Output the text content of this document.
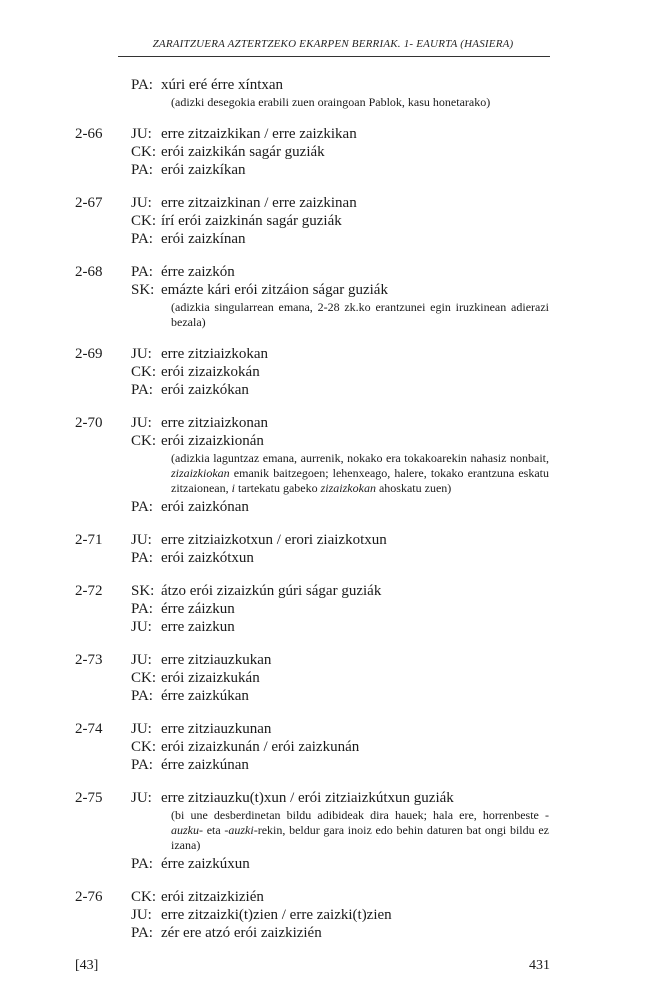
ZARAITZUERA AZTERTZEKO EKARPEN BERRIAK. 1- EAURTA (HASIERA)
PA: xúri eré érre xíntxan
(adizki desegokia erabili zuen oraingoan Pablok, kasu honetarako)
2-66 JU: erre zitzaizkikan / erre zaizkikan
CK: erói zaizkikán sagár guziák
PA: erói zaizkíkan
2-67 JU: erre zitzaizkinan / erre zaizkinan
CK: írí erói zaizkinán sagár guziák
PA: erói zaizkínan
2-68 PA: érre zaizkón
SK: emázte kári erói zitzáion ságar guziák
(adizkia singularrean emana, 2-28 zk.ko erantzunei egin iruzkinean adierazi bezala)
2-69 JU: erre zitziaizkokan
CK: erói zizaizkokán
PA: erói zaizkókan
2-70 JU: erre zitziaizkonan
CK: erói zizaizkionán
(adizkia laguntzaz emana, aurrenik, nokako era tokakoarekin nahasiz nonbait, zizaizkiokan emanik baitzegoen; lehenxeago, halere, tokako erantzuna eskatu zitzaionean, i tartekatu gabeko zizaizkokan ahoskatu zuen)
PA: erói zaizkónan
2-71 JU: erre zitziaizkotxun / erori ziaizkotxun
PA: erói zaizkótxun
2-72 SK: átzo erói zizaizkún gúri ságar guziák
PA: érre záizkun
JU: erre zaizkun
2-73 JU: erre zitziauzkukan
CK: erói zizaizkukán
PA: érre zaizkúkan
2-74 JU: erre zitziauzkunan
CK: erói zizaizkunán / erói zaizkunán
PA: érre zaizkúnan
2-75 JU: erre zitziauzku(t)xun / erói zitziaizkútxun guziák
(bi une desberdinetan bildu adibideak dira hauek; hala ere, horrenbeste -auzku- eta -auzki-rekin, beldur gara inoiz edo behin daturen bat ongi bildu ez izana)
PA: érre zaizkúxun
2-76 CK: erói zitzaizkizién
JU: erre zitzaizki(t)zien / erre zaizki(t)zien
PA: zér ere atzó erói zaizkizién
[43]	431
